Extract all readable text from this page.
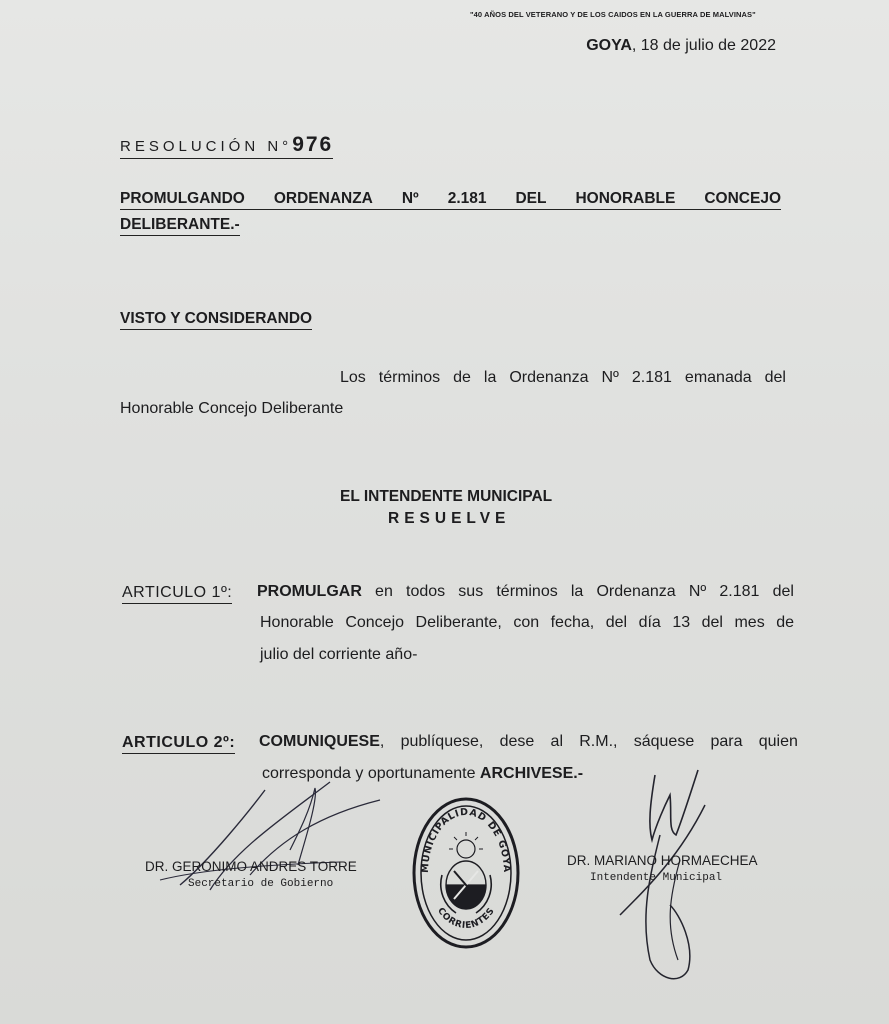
"40 AÑOS DEL VETERANO Y DE LOS CAIDOS EN LA GUERRA DE MALVINAS"
GOYA, 18 de julio de 2022
RESOLUCIÓN N°976
PROMULGANDO ORDENANZA Nº 2.181 DEL HONORABLE CONCEJO
DELIBERANTE.-
VISTO Y CONSIDERANDO
Los términos de la Ordenanza Nº 2.181 emanada del
Honorable Concejo Deliberante
EL INTENDENTE MUNICIPAL
RESUELVE
ARTICULO 1º: PROMULGAR en todos sus términos la Ordenanza Nº 2.181 del
Honorable Concejo Deliberante, con fecha, del día 13 del mes de
julio del corriente año-
ARTICULO 2º: COMUNIQUESE, publíquese, dese al R.M., sáquese para quien
corresponda y oportunamente ARCHIVESE.-
DR. GERONIMO ANDRES TORRE
Secretario de Gobierno
MUNICIPALIDAD DE GOYA
CORRIENTES
DR. MARIANO HORMAECHEA
Intendente Municipal
